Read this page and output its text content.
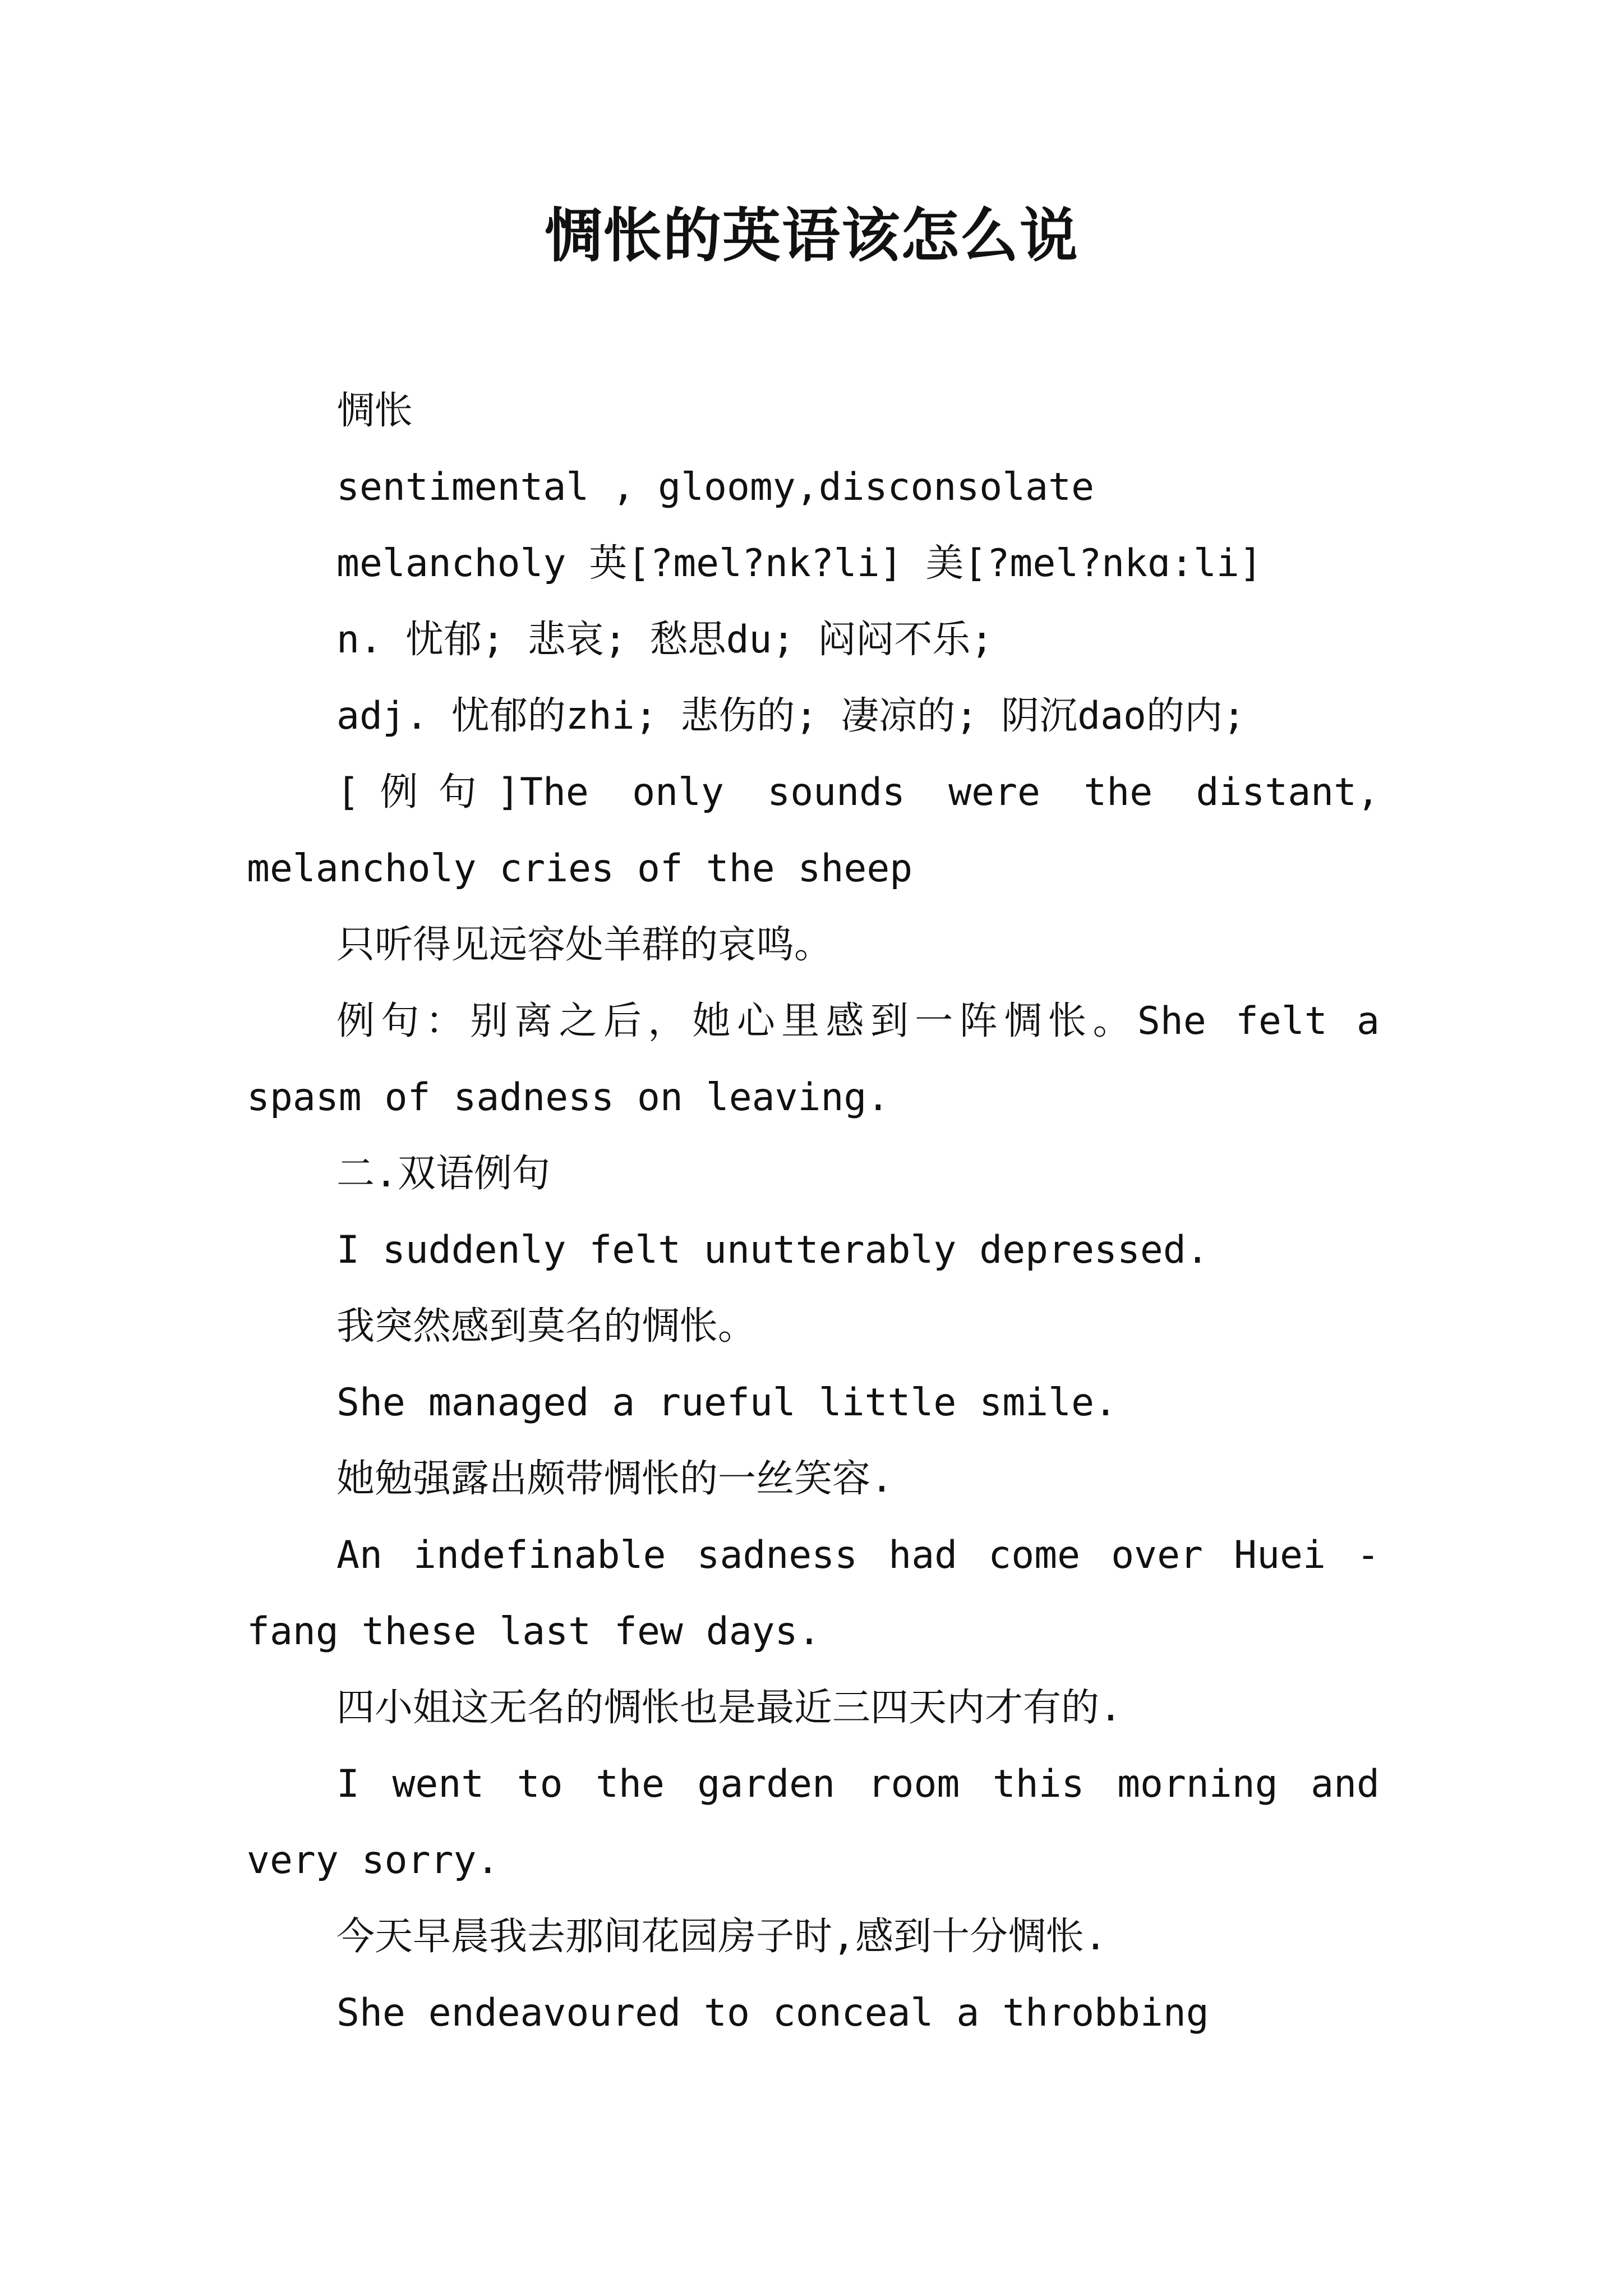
惆怅的英语该怎么说

惆怅

sentimental , gloomy,disconsolate

melancholy 英[?mel?nk?li] 美[?mel?nkɑ:li]

n. 忧郁; 悲哀; 愁思du; 闷闷不乐;

adj. 忧郁的zhi; 悲伤的; 凄凉的; 阴沉dao的内;

[例句]The only sounds were the distant, melancholy cries of the sheep

只听得见远容处羊群的哀鸣。

例句：别离之后，她心里感到一阵惆怅。She felt a spasm of sadness on leaving.

二.双语例句

I suddenly felt unutterably depressed.

我突然感到莫名的惆怅。

She managed a rueful little smile.

她勉强露出颇带惆怅的一丝笑容.

An indefinable sadness had come over Huei - fang these last few days.

四小姐这无名的惆怅也是最近三四天内才有的.

I went to the garden room this morning and very sorry.

今天早晨我去那间花园房子时,感到十分惆怅.

She endeavoured to conceal a throbbing
